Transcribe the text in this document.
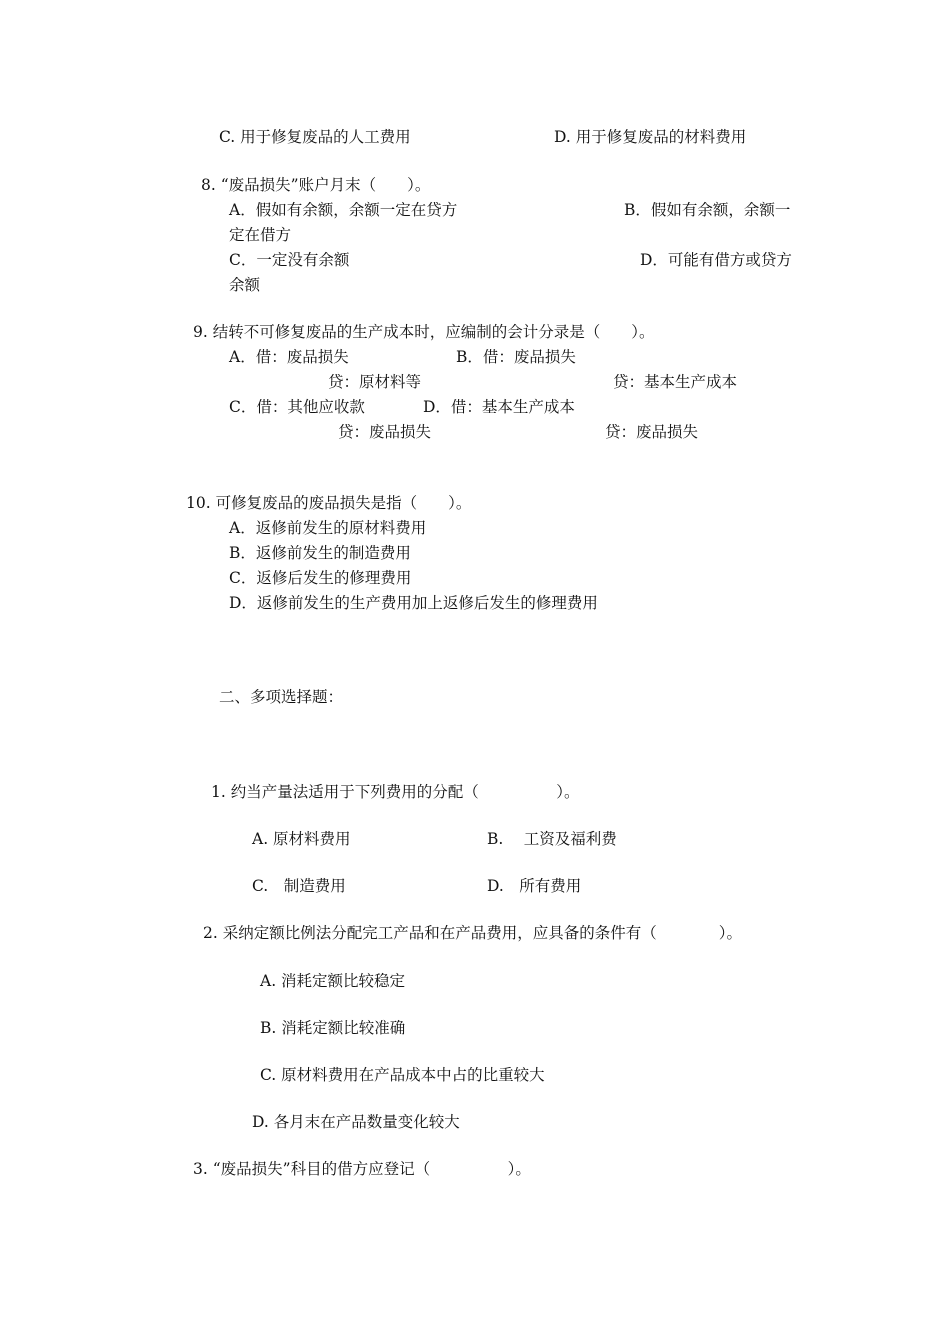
C. 用于修复废品的人工费用	D. 用于修复废品的材料费用
8. “废品损失”账户月末（　　）。
A．假如有余额，余额一定在贷方	B．假如有余额，余额一
定在借方
C．一定没有余额	D．可能有借方或贷方
余额
9. 结转不可修复废品的生产成本时，应编制的会计分录是（　　）。
A．借：废品损失	B．借：废品损失
贷：原材料等	贷：基本生产成本
C．借：其他应收款	D．借：基本生产成本
贷：废品损失	贷：废品损失
10. 可修复废品的废品损失是指（　　）。
A．返修前发生的原材料费用
B．返修前发生的制造费用
C．返修后发生的修理费用
D．返修前发生的生产费用加上返修后发生的修理费用
二、多项选择题：
1. 约当产量法适用于下列费用的分配（　　　　　）。
A. 原材料费用	B.　 工资及福利费
C.　制造费用	D.　所有费用
2. 采纳定额比例法分配完工产品和在产品费用，应具备的条件有（　　　　）。
A. 消耗定额比较稳定
B. 消耗定额比较准确
C. 原材料费用在产品成本中占的比重较大
D. 各月末在产品数量变化较大
3. “废品损失”科目的借方应登记（　　　　　）。
